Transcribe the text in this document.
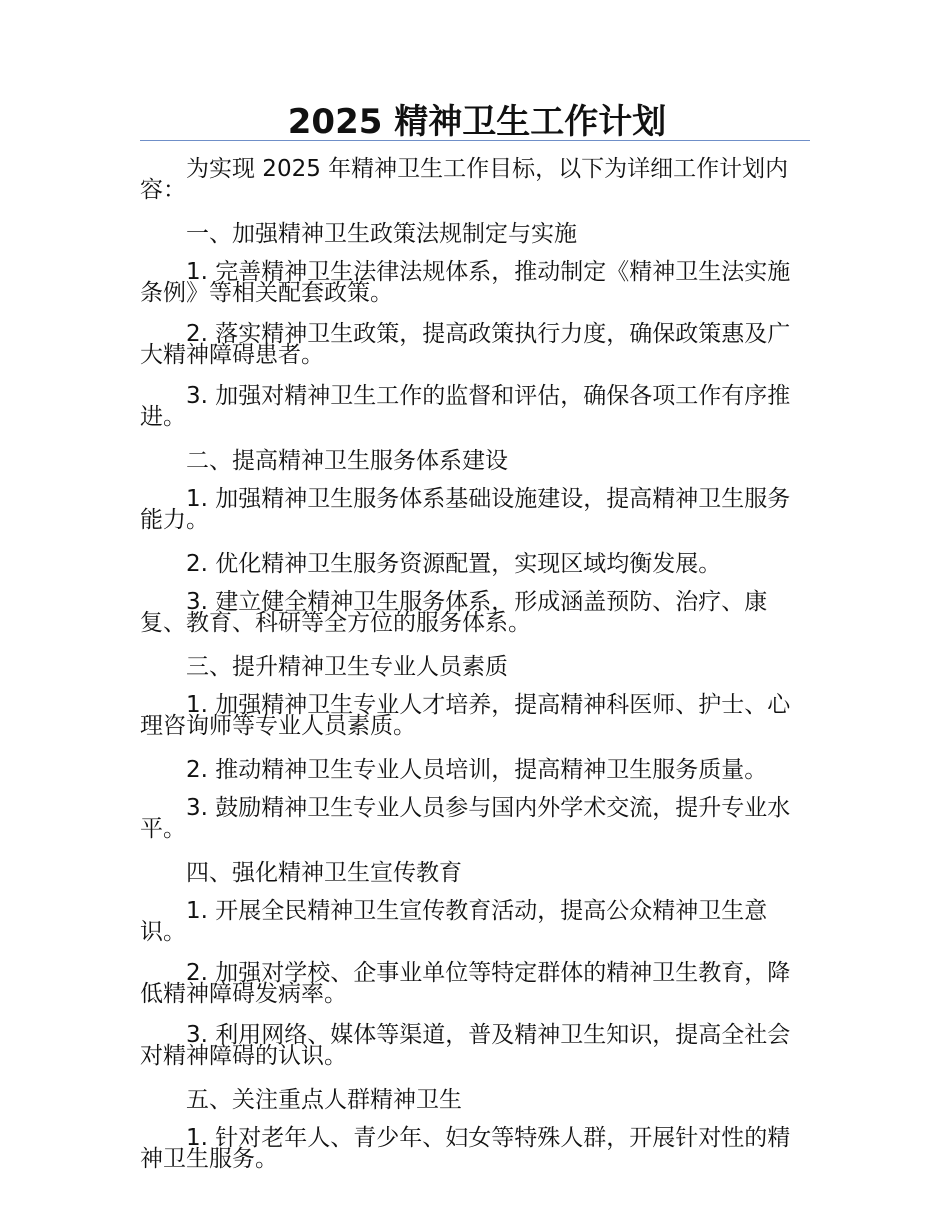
2025 精神卫生工作计划

为实现 2025 年精神卫生工作目标，以下为详细工作计划内容：

一、加强精神卫生政策法规制定与实施

1. 完善精神卫生法律法规体系，推动制定《精神卫生法实施条例》等相关配套政策。

2. 落实精神卫生政策，提高政策执行力度，确保政策惠及广大精神障碍患者。

3. 加强对精神卫生工作的监督和评估，确保各项工作有序推进。

二、提高精神卫生服务体系建设

1. 加强精神卫生服务体系基础设施建设，提高精神卫生服务能力。

2. 优化精神卫生服务资源配置，实现区域均衡发展。

3. 建立健全精神卫生服务体系，形成涵盖预防、治疗、康复、教育、科研等全方位的服务体系。

三、提升精神卫生专业人员素质

1. 加强精神卫生专业人才培养，提高精神科医师、护士、心理咨询师等专业人员素质。

2. 推动精神卫生专业人员培训，提高精神卫生服务质量。

3. 鼓励精神卫生专业人员参与国内外学术交流，提升专业水平。

四、强化精神卫生宣传教育

1. 开展全民精神卫生宣传教育活动，提高公众精神卫生意识。

2. 加强对学校、企事业单位等特定群体的精神卫生教育，降低精神障碍发病率。

3. 利用网络、媒体等渠道，普及精神卫生知识，提高全社会对精神障碍的认识。

五、关注重点人群精神卫生

1. 针对老年人、青少年、妇女等特殊人群，开展针对性的精神卫生服务。
